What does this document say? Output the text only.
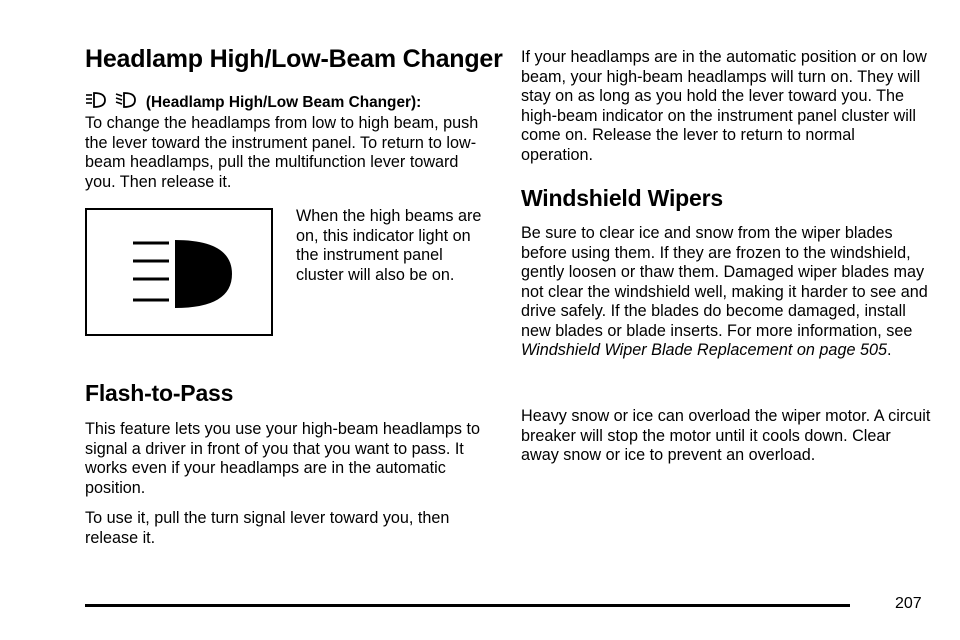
Headlamp High/Low-Beam Changer
(Headlamp High/Low Beam Changer):

To change the headlamps from low to high beam, push the lever toward the instrument panel. To return to low-beam headlamps, pull the multifunction lever toward you. Then release it.

When the high beams are on, this indicator light on the instrument panel cluster will also be on.

Flash-to-Pass

This feature lets you use your high-beam headlamps to signal a driver in front of you that you want to pass. It works even if your headlamps are in the automatic position.

To use it, pull the turn signal lever toward you, then release it.

If your headlamps are in the automatic position or on low beam, your high-beam headlamps will turn on. They will stay on as long as you hold the lever toward you. The high-beam indicator on the instrument panel cluster will come on. Release the lever to return to normal operation.

Windshield Wipers

Be sure to clear ice and snow from the wiper blades before using them. If they are frozen to the windshield, gently loosen or thaw them. Damaged wiper blades may not clear the windshield well, making it harder to see and drive safely. If the blades do become damaged, install new blades or blade inserts. For more information, see Windshield Wiper Blade Replacement on page 505.

Heavy snow or ice can overload the wiper motor. A circuit breaker will stop the motor until it cools down. Clear away snow or ice to prevent an overload.

207
